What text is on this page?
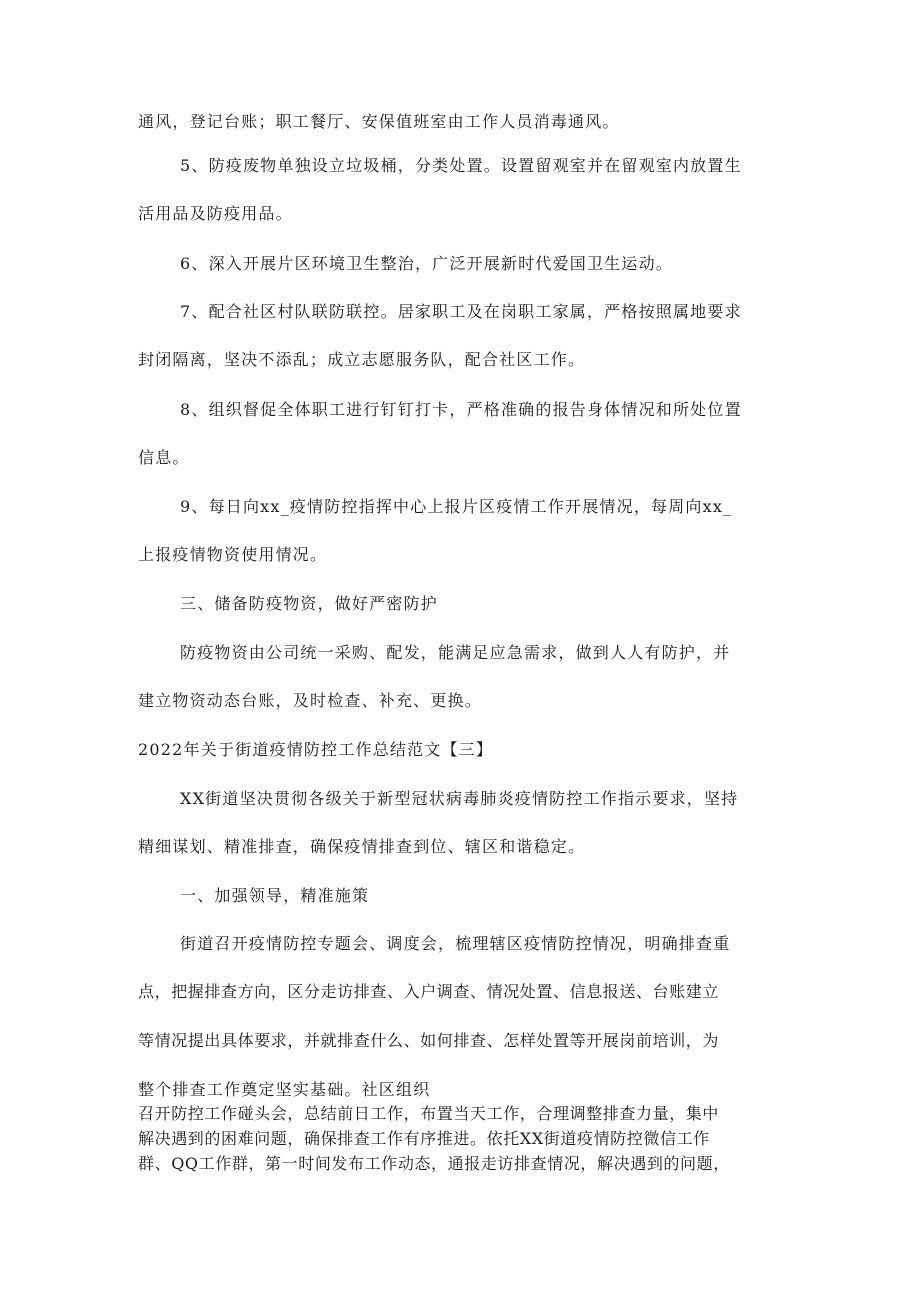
通风，登记台账；职工餐厅、安保值班室由工作人员消毒通风。
5、防疫废物单独设立垃圾桶，分类处置。设置留观室并在留观室内放置生
活用品及防疫用品。
6、深入开展片区环境卫生整治，广泛开展新时代爱国卫生运动。
7、配合社区村队联防联控。居家职工及在岗职工家属，严格按照属地要求
封闭隔离，坚决不添乱；成立志愿服务队，配合社区工作。
8、组织督促全体职工进行钉钉打卡，严格准确的报告身体情况和所处位置
信息。
9、每日向xx_疫情防控指挥中心上报片区疫情工作开展情况，每周向xx_
上报疫情物资使用情况。
三、储备防疫物资，做好严密防护
防疫物资由公司统一采购、配发，能满足应急需求，做到人人有防护，并
建立物资动态台账，及时检查、补充、更换。
2022年关于街道疫情防控工作总结范文【三】
XX街道坚决贯彻各级关于新型冠状病毒肺炎疫情防控工作指示要求，坚持
精细谋划、精准排查，确保疫情排查到位、辖区和谐稳定。
一、加强领导，精准施策
街道召开疫情防控专题会、调度会，梳理辖区疫情防控情况，明确排查重
点，把握排查方向，区分走访排查、入户调查、情况处置、信息报送、台账建立
等情况提出具体要求，并就排查什么、如何排查、怎样处置等开展岗前培训，为
整个排查工作奠定坚实基础。社区组织
召开防控工作碰头会，总结前日工作，布置当天工作，合理调整排查力量，集中
解决遇到的困难问题，确保排查工作有序推进。依托XX街道疫情防控微信工作
群、QQ工作群，第一时间发布工作动态，通报走访排查情况，解决遇到的问题，
